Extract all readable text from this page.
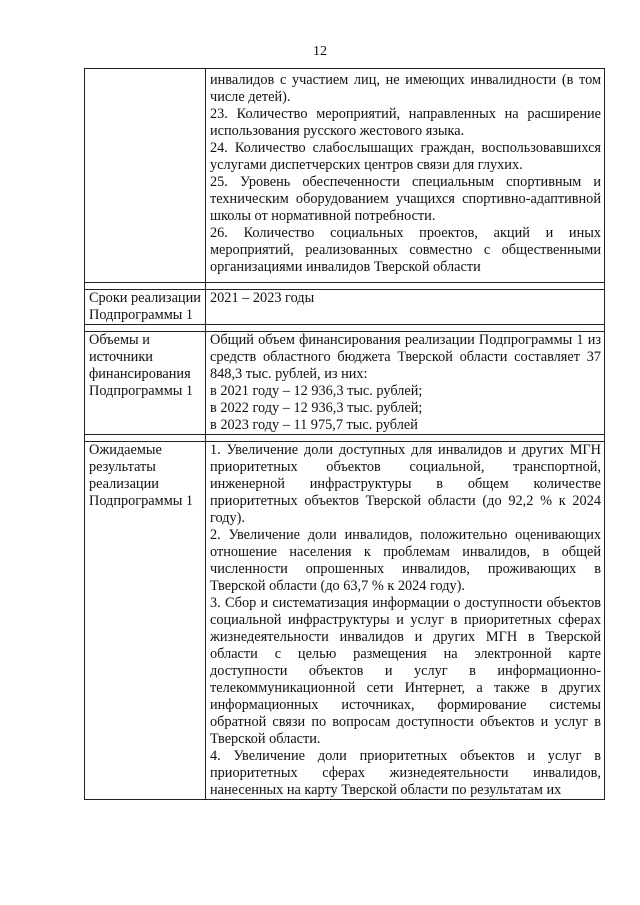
12

	инвалидов с участием лиц, не имеющих инвалидности (в том числе детей).

23. Количество мероприятий, направленных на расширение использования русского жестового языка.

24. Количество слабослышащих граждан, воспользовавшихся услугами диспетчерских центров связи для глухих.

25. Уровень обеспеченности специальным спортивным и техническим оборудованием учащихся спортивно-адаптивной школы от нормативной потребности.

26. Количество социальных проектов, акций и иных мероприятий, реализованных совместно с общественными организациями инвалидов Тверской области

Сроки реализации Подпрограммы 1	2021 – 2023 годы

Объемы и источники финансирования Подпрограммы 1	Общий объем финансирования реализации Подпрограммы 1 из средств областного бюджета Тверской области составляет 37 848,3 тыс. рублей, из них:

в 2021 году – 12 936,3 тыс. рублей;

в 2022 году – 12 936,3 тыс. рублей;

в 2023 году – 11 975,7 тыс. рублей

Ожидаемые результаты реализации Подпрограммы 1	1. Увеличение доли доступных для инвалидов и других МГН приоритетных объектов социальной, транспортной, инженерной инфраструктуры в общем количестве приоритетных объектов Тверской области (до 92,2 % к 2024 году).

2. Увеличение доли инвалидов, положительно оценивающих отношение населения к проблемам инвалидов, в общей численности опрошенных инвалидов, проживающих в Тверской области (до 63,7 % к 2024 году).

3. Сбор и систематизация информации о доступности объектов социальной инфраструктуры и услуг в приоритетных сферах жизнедеятельности инвалидов и других МГН в Тверской области с целью размещения на электронной карте доступности объектов и услуг в информационно-телекоммуникационной сети Интернет, а также в других информационных источниках, формирование системы обратной связи по вопросам доступности объектов и услуг в Тверской области.

4. Увеличение доли приоритетных объектов и услуг в приоритетных сферах жизнедеятельности инвалидов, нанесенных на карту Тверской области по результатам их
